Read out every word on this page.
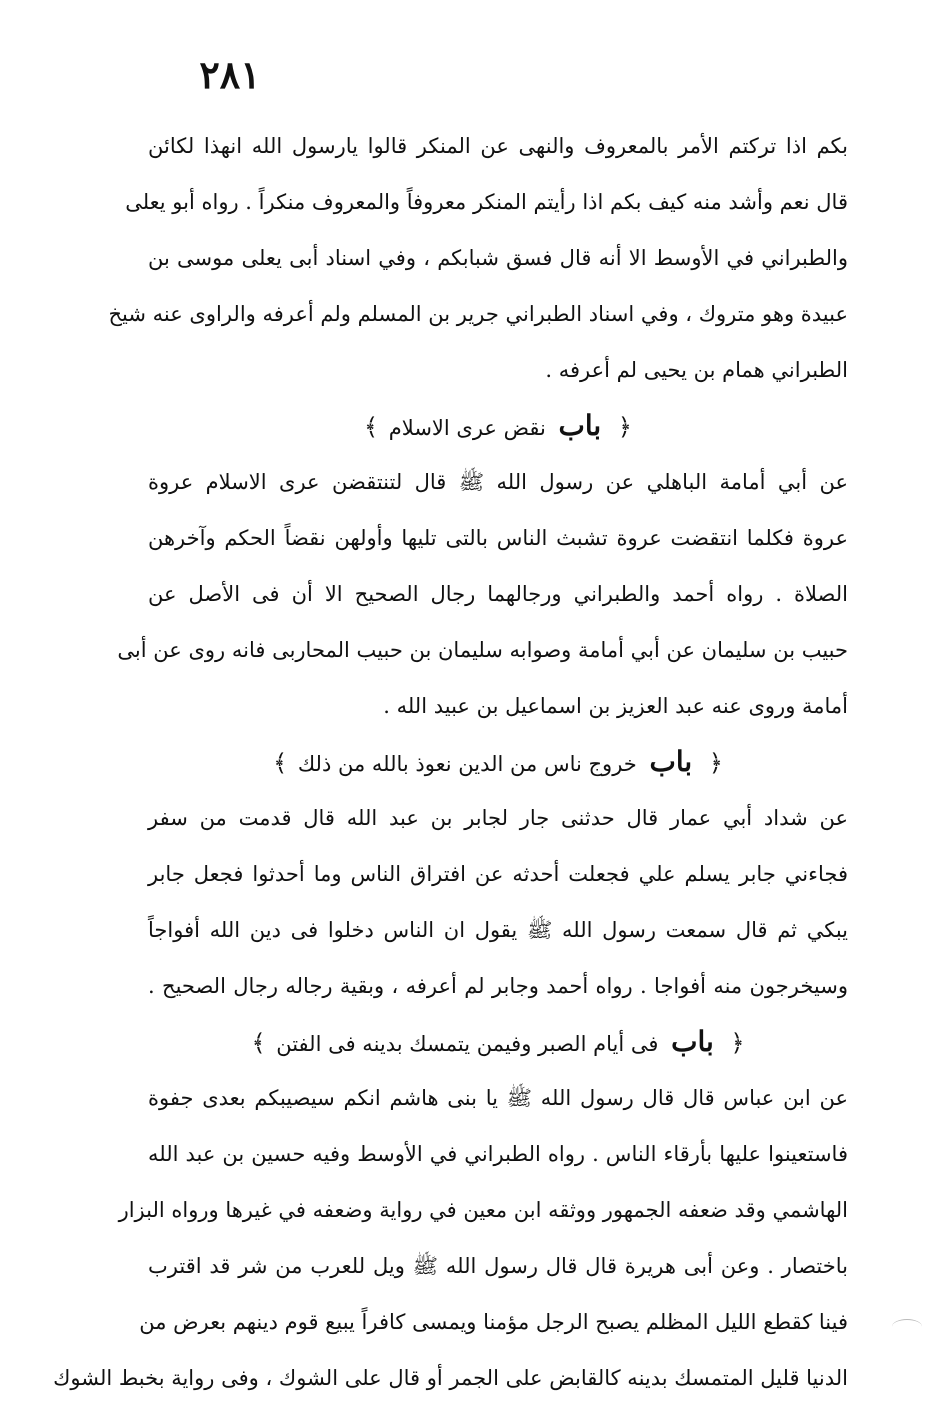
٢٨١
بكم اذا تركتم الأمر بالمعروف والنهى عن المنكر قالوا يارسول الله انهذا لكائن
قال نعم وأشد منه كيف بكم اذا رأيتم المنكر معروفاً والمعروف منكراً . رواه أبو يعلى
والطبراني في الأوسط الا أنه قال فسق شبابكم ، وفي اسناد أبى يعلى موسى بن
عبيدة وهو متروك ، وفي اسناد الطبراني جرير بن المسلم ولم أعرفه والراوى عنه شيخ
الطبراني همام بن يحيى لم أعرفه .
﴿ باب نقض عرى الاسلام ﴾
عن أبي أمامة الباهلي عن رسول الله ﷺ قال لتنتقضن عرى الاسلام عروة
عروة فكلما انتقضت عروة تشبث الناس بالتى تليها وأولهن نقضاً الحكم وآخرهن
الصلاة . رواه أحمد والطبراني ورجالهما رجال الصحيح الا أن فى الأصل عن
حبيب بن سليمان عن أبي أمامة وصوابه سليمان بن حبيب المحاربى فانه روى عن أبى
أمامة وروى عنه عبد العزيز بن اسماعيل بن عبيد الله .
﴿ باب خروج ناس من الدين نعوذ بالله من ذلك ﴾
عن شداد أبي عمار قال حدثنى جار لجابر بن عبد الله قال قدمت من سفر
فجاءني جابر يسلم علي فجعلت أحدثه عن افتراق الناس وما أحدثوا فجعل جابر
يبكي ثم قال سمعت رسول الله ﷺ يقول ان الناس دخلوا فى دين الله أفواجاً
وسيخرجون منه أفواجا . رواه أحمد وجابر لم أعرفه ، وبقية رجاله رجال الصحيح .
﴿ باب فى أيام الصبر وفيمن يتمسك بدينه فى الفتن ﴾
عن ابن عباس قال قال رسول الله ﷺ يا بنى هاشم انكم سيصيبكم بعدى جفوة
فاستعينوا عليها بأرقاء الناس . رواه الطبراني في الأوسط وفيه حسين بن عبد الله
الهاشمي وقد ضعفه الجمهور ووثقه ابن معين في رواية وضعفه في غيرها ورواه البزار
باختصار . وعن أبى هريرة قال قال رسول الله ﷺ ويل للعرب من شر قد اقترب
فينا كقطع الليل المظلم يصبح الرجل مؤمنا ويمسى كافراً يبيع قوم دينهم بعرض من
الدنيا قليل المتمسك بدينه كالقابض على الجمر أو قال على الشوك ، وفى رواية بخبط الشوك
